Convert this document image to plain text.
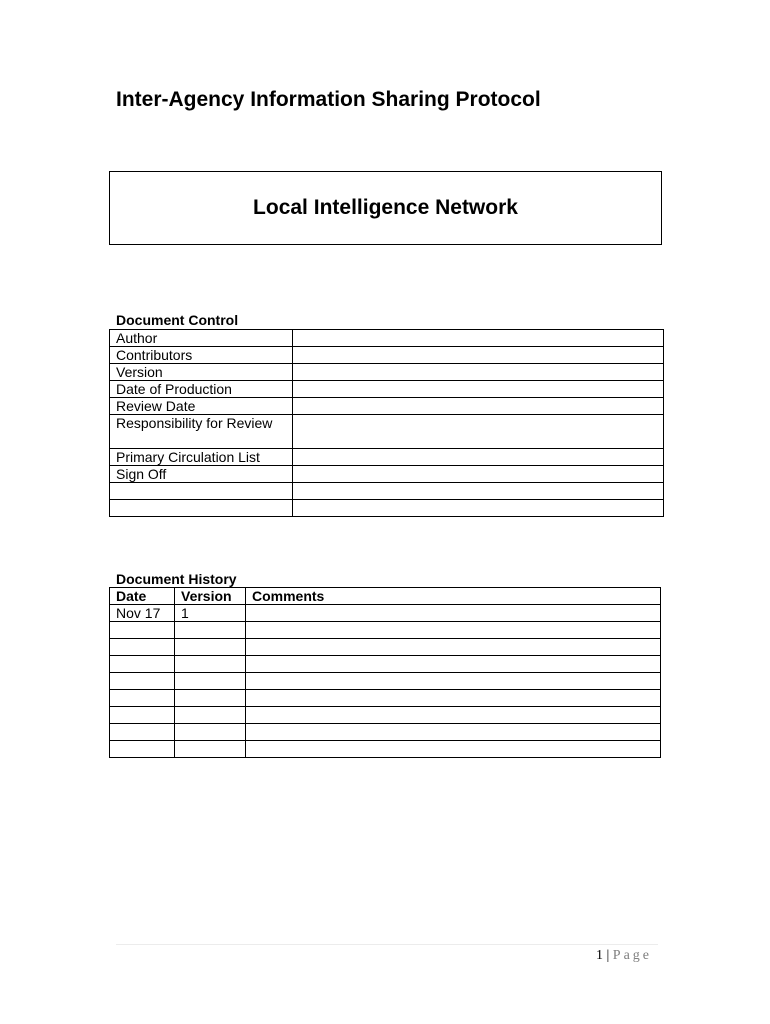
Inter-Agency Information Sharing Protocol
Local Intelligence Network
Document Control
Author	
Contributors	
Version	
Date of Production	
Review Date	
Responsibility for Review	
Primary Circulation List	
Sign Off	

Document History
Date	Version	Comments
Nov 17	1	

1 | Page
